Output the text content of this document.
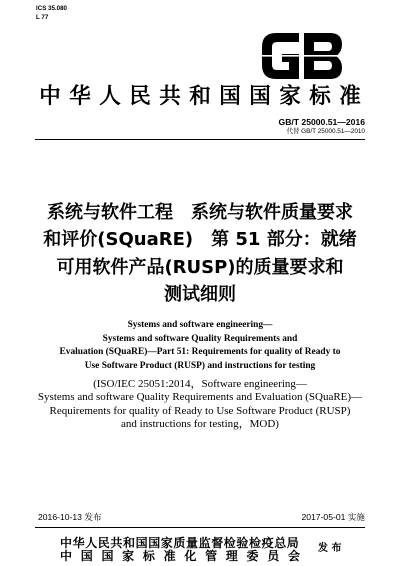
ICS 35.080
L 77
中华人民共和国国家标准
GB/T 25000.51—2016
代替 GB/T 25000.51—2010
系统与软件工程　系统与软件质量要求
和评价(SQuaRE)　第 51 部分：就绪
可用软件产品(RUSP)的质量要求和
测试细则
Systems and software engineering—
Systems and software Quality Requirements and
Evaluation (SQuaRE)—Part 51: Requirements for quality of Ready to
Use Software Product (RUSP) and instructions for testing
(ISO/IEC 25051:2014，Software engineering—
Systems and software Quality Requirements and Evaluation (SQuaRE)—
Requirements for quality of Ready to Use Software Product (RUSP)
and instructions for testing，MOD)
2016-10-13 发布	2017-05-01 实施
中华人民共和国国家质量监督检验检疫总局
中 国 国 家 标 准 化 管 理 委 员 会
发 布
